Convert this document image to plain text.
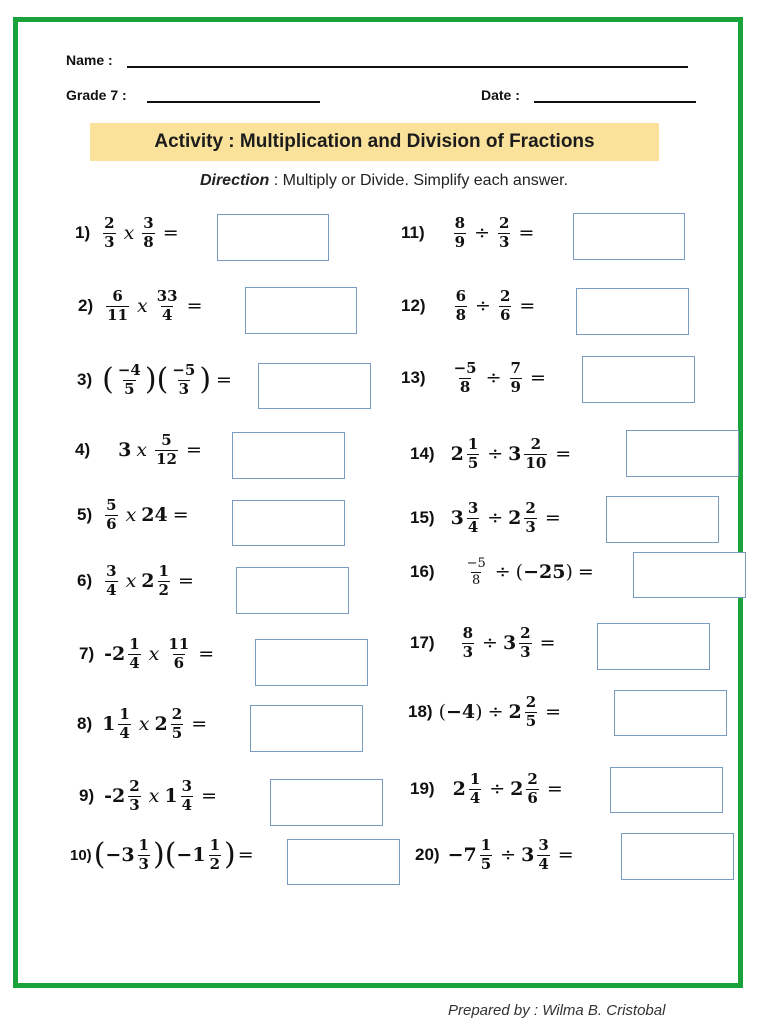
Name :
Grade 7 :	Date :
Activity : Multiplication and Division of Fractions
Direction : Multiply or Divide. Simplify each answer.
$1) \frac{2}{3}$ x $\frac{3}{8}$ =
$2) \frac{6}{11}$ x $\frac{33}{4}$ =
3) ( $\frac{-4}{5}$ ) ( $\frac{-5}{3}$ ) =
4) 3 x $\frac{5}{12}$ =
$5) \frac{5}{6}$ x 24 =
$6) \frac{3}{4}$ x $2 \frac{1}{2}$ =
7) $-2 \frac{1}{4}$ x $\frac{11}{6}$ =
8) $1 \frac{1}{4}$ x $2 \frac{2}{5}$ =
9) $-2 \frac{2}{3}$ x $1 \frac{3}{4}$ =
10) ( $-3 \frac{1}{3}$ ) ( $-1 \frac{1}{2}$ ) =
$11) \frac{8}{9} \div \frac{2}{3}$ =
$12) \frac{6}{8} \div \frac{2}{6}$ =
$13) \frac{-5}{8} \div \frac{7}{9}$ =
14) $2 \frac{1}{5} \div 3 \frac{2}{10}$ =
15) $3 \frac{3}{4} \div 2 \frac{2}{3}$ =
$16) \frac{-5}{8}$ ÷ ( −25 ) =
$17) \frac{8}{3} \div 3 \frac{2}{3}$ =
18) ( −4 ) ÷ $2 \frac{2}{5}$ =
19) $2 \frac{1}{4} \div 2 \frac{2}{6}$ =
$20) -7 \frac{1}{5} \div 3 \frac{3}{4}$ =
Prepared by : Wilma B. Cristobal
